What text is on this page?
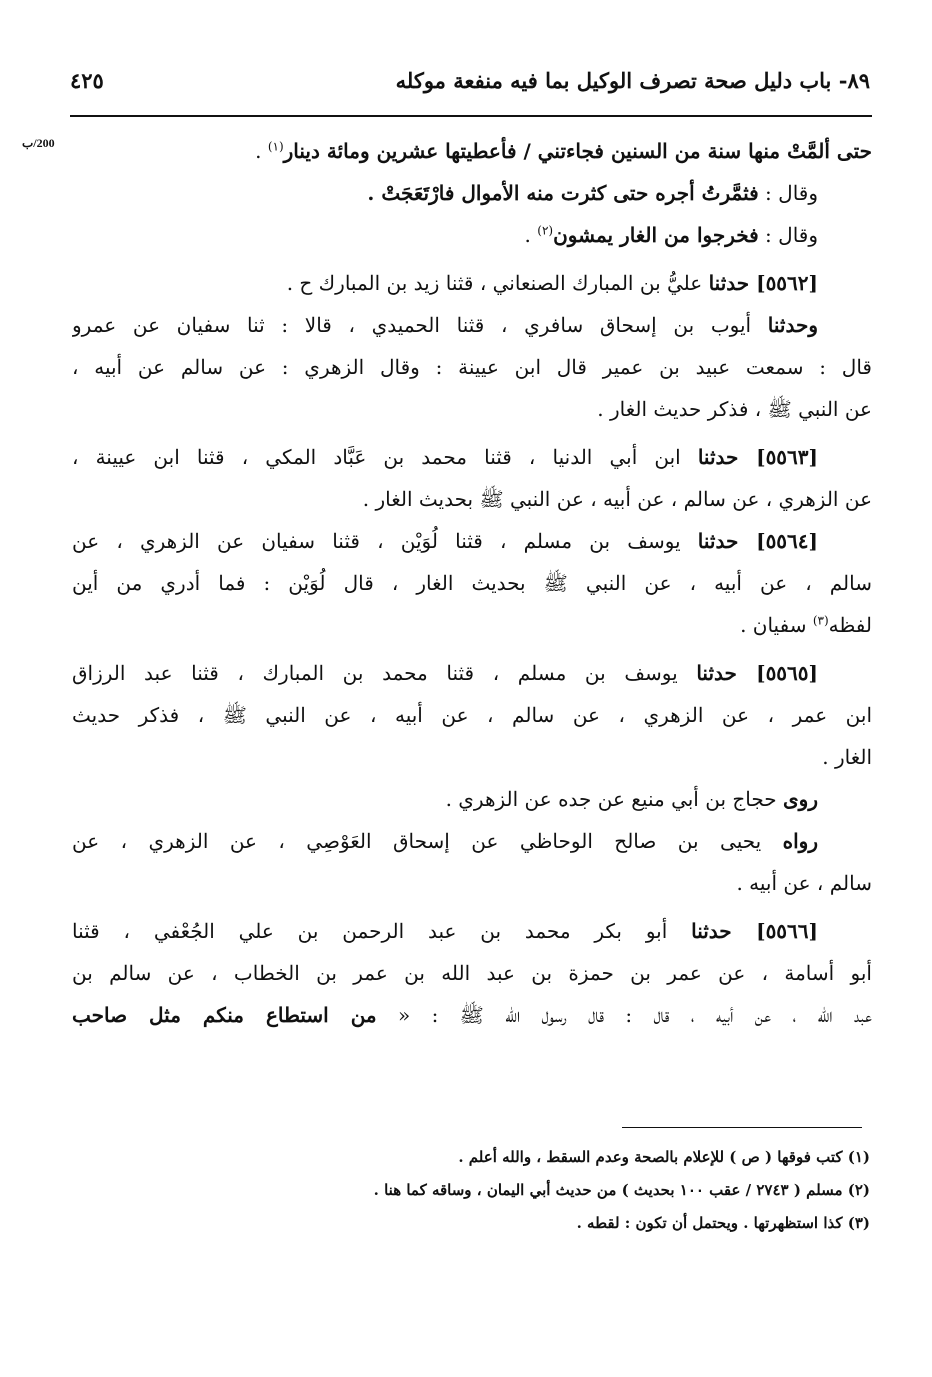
٨٩- باب دليل صحة تصرف الوكيل بما فيه منفعة موكله
٤٢٥
200/ب	حتى ألمَّتْ منها سنة من السنين فجاءتني / فأعطيتها عشرين ومائة دينار$^{(١)}$ .
وقال : فثمَّرتُ أجره حتى كثرت منه الأموال فارْتَعَجَتْ .
وقال : فخرجوا من الغار يمشون$^{(٢)}$ .
[٥٥٦٢] حدثنا عليُّ بن المبارك الصنعاني ، قثنا زيد بن المبارك ح .
وحدثنا أيوب بن إسحاق سافري ، قثنا الحميدي ، قالا : ثنا سفيان عن عمرو
قال : سمعت عبيد بن عمير قال ابن عيينة : وقال الزهري : عن سالم عن أبيه ،
عن النبي ﷺ ، فذكر حديث الغار .
[٥٥٦٣] حدثنا ابن أبي الدنيا ، قثنا محمد بن عَبَّاد المكي ، قثنا ابن عيينة ،
عن الزهري ، عن سالم ، عن أبيه ، عن النبي ﷺ بحديث الغار .
[٥٥٦٤] حدثنا يوسف بن مسلم ، قثنا لُوَيْن ، قثنا سفيان عن الزهري ، عن
سالم ، عن أبيه ، عن النبي ﷺ بحديث الغار ، قال لُوَيْن : فما أدري من أين
لفظه$^{(٣)}$ سفيان .
[٥٥٦٥] حدثنا يوسف بن مسلم ، قثنا محمد بن المبارك ، قثنا عبد الرزاق
ابن عمر ، عن الزهري ، عن سالم ، عن أبيه ، عن النبي ﷺ ، فذكر حديث
الغار .
روى حجاج بن أبي منيع عن جده عن الزهري .
رواه يحيى بن صالح الوحاظي عن إسحاق العَوْصِي ، عن الزهري ، عن
سالم ، عن أبيه .
[٥٥٦٦] حدثنا أبو بكر محمد بن عبد الرحمن بن علي الجُعْفي ، قثنا
أبو أسامة ، عن عمر بن حمزة بن عبد الله بن عمر بن الخطاب ، عن سالم بن
عبد الله ، عن أبيه ، قال : قال رسول الله ﷺ : « من استطاع منكم مثل صاحب
(١) كتب فوقها ( ص ) للإعلام بالصحة وعدم السقط ، والله أعلم .
(٢) مسلم ( ٢٧٤٣ / عقب ١٠٠ بحديث ) من حديث أبي اليمان ، وساقه كما هنا .
(٣) كذا استظهرتها . ويحتمل أن تكون : لقطه .
